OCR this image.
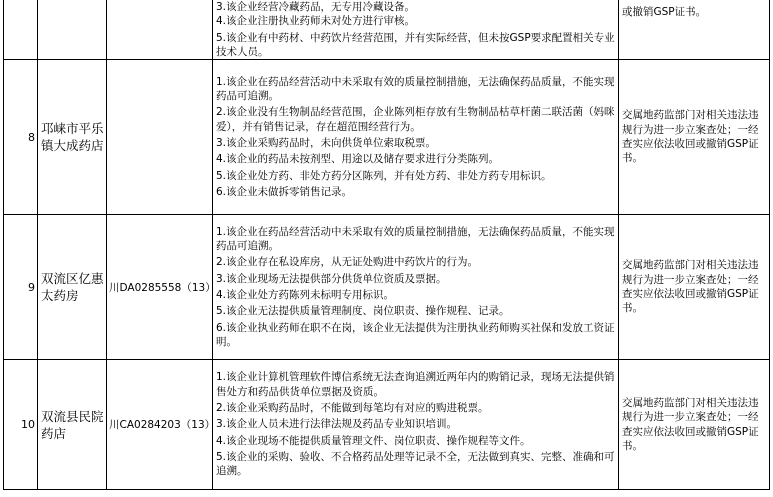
3.该企业经营冷藏药品，无专用冷藏设备。

4.该企业注册执业药师未对处方进行审核。

5.该企业有中药材、中药饮片经营范围，并有实际经营，但未按GSP要求配置相关专业技术人员。

或撤销GSP证书。
8
邛崃市平乐镇大成药店

1.该企业在药品经营活动中未采取有效的质量控制措施，无法确保药品质量，不能实现药品可追溯。

2.该企业没有生物制品经营范围，企业陈列柜存放有生物制品枯草杆菌二联活菌（妈咪爱），并有销售记录，存在超范围经营行为。

3.该企业采购药品时，未向供货单位索取税票。

4.该企业的药品未按剂型、用途以及储存要求进行分类陈列。

5.该企业处方药、非处方药分区陈列，并有处方药、非处方药专用标识。

6.该企业未做拆零销售记录。

交属地药监部门对相关违法违规行为进一步立案查处；一经查实应依法收回或撤销GSP证书。
9
双流区亿惠太药房
川DA0285558（13）

1.该企业在药品经营活动中未采取有效的质量控制措施，无法确保药品质量，不能实现药品可追溯。

2.该企业存在私设库房，从无证处购进中药饮片的行为。

3.该企业现场无法提供部分供货单位资质及票据。

4.该企业处方药陈列未标明专用标识。

5.该企业无法提供质量管理制度、岗位职责、操作规程、记录。

6.该企业执业药师在职不在岗，该企业无法提供为注册执业药师购买社保和发放工资证明。

交属地药监部门对相关违法违规行为进一步立案查处；一经查实应依法收回或撤销GSP证书。
10
双流县民院药店
川CA0284203（13）

1.该企业计算机管理软件博信系统无法查询追溯近两年内的购销记录，现场无法提供销售处方和药品供货单位票据及资质。

2.该企业采购药品时，不能做到每笔均有对应的购进税票。

3.该企业人员未进行法律法规及药品专业知识培训。

4.该企业现场不能提供质量管理文件、岗位职责、操作规程等文件。

5.该企业的采购、验收、不合格药品处理等记录不全，无法做到真实、完整、准确和可追溯。

交属地药监部门对相关违法违规行为进一步立案查处；一经查实应依法收回或撤销GSP证书。
